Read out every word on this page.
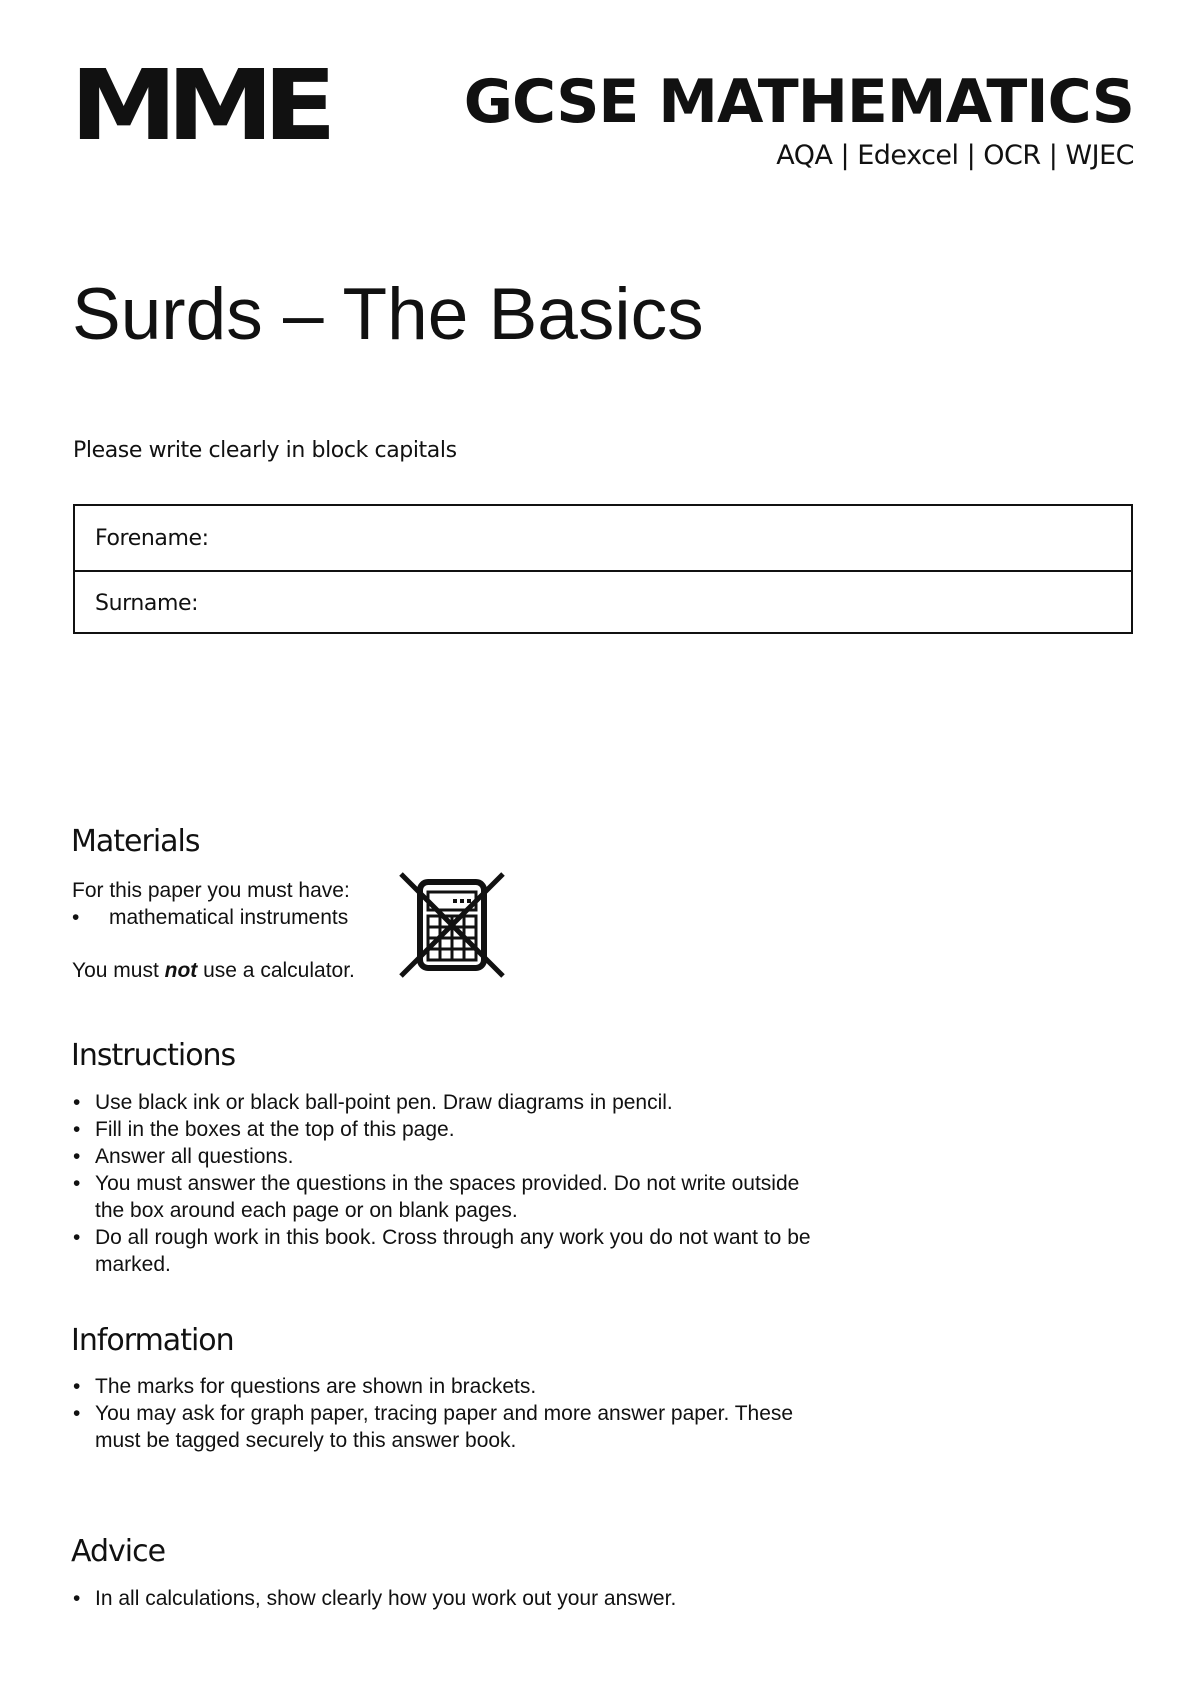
MME GCSE MATHEMATICS
AQA | Edexcel | OCR | WJEC
Surds – The Basics
Please write clearly in block capitals
Forename:
Surname:
Materials
For this paper you must have:
•	mathematical instruments
You must not use a calculator.
Instructions
• Use black ink or black ball-point pen. Draw diagrams in pencil.
• Fill in the boxes at the top of this page.
• Answer all questions.
• You must answer the questions in the spaces provided. Do not write outside the box around each page or on blank pages.
• Do all rough work in this book. Cross through any work you do not want to be marked.
Information
• The marks for questions are shown in brackets.
• You may ask for graph paper, tracing paper and more answer paper. These must be tagged securely to this answer book.
Advice
• In all calculations, show clearly how you work out your answer.
